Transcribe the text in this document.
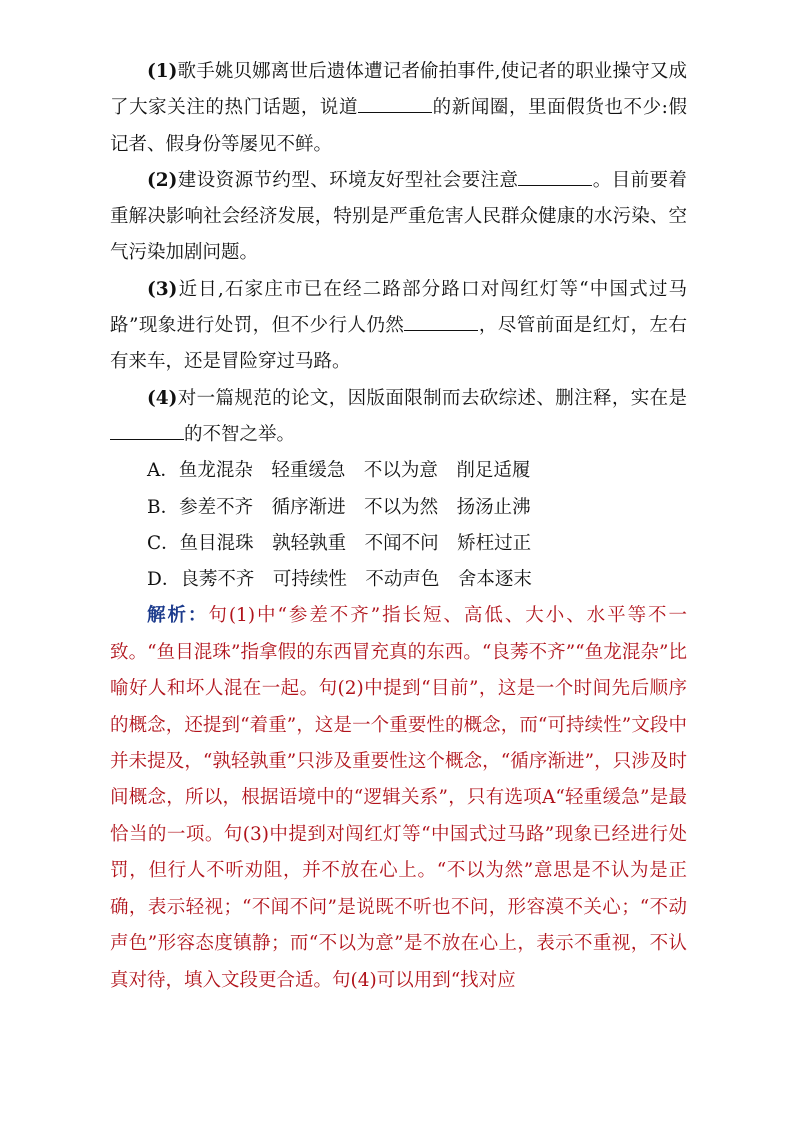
(1)歌手姚贝娜离世后遗体遭记者偷拍事件,使记者的职业操守又成了大家关注的热门话题，说道	的新闻圈，里面假货也不少:假记者、假身份等屡见不鲜。

(2)建设资源节约型、环境友好型社会要注意	。目前要着重解决影响社会经济发展，特别是严重危害人民群众健康的水污染、空气污染加剧问题。

(3)近日,石家庄市已在经二路部分路口对闯红灯等“中国式过马路”现象进行处罚，但不少行人仍然	，尽管前面是红灯，左右有来车，还是冒险穿过马路。

(4)对一篇规范的论文，因版面限制而去砍综述、删注释，实在是的不智之举。

A．鱼龙混杂　轻重缓急　不以为意　削足适履

B．参差不齐　循序渐进　不以为然　扬汤止沸

C．鱼目混珠　孰轻孰重　不闻不问　矫枉过正

D．良莠不齐　可持续性　不动声色　舍本逐末

解析：句(1)中“参差不齐”指长短、高低、大小、水平等不一致。“鱼目混珠”指拿假的东西冒充真的东西。“良莠不齐”“鱼龙混杂”比喻好人和坏人混在一起。句(2)中提到“目前”，这是一个时间先后顺序的概念，还提到“着重”，这是一个重要性的概念，而“可持续性”文段中并未提及，“孰轻孰重”只涉及重要性这个概念，“循序渐进”，只涉及时间概念，所以，根据语境中的“逻辑关系”，只有选项A“轻重缓急”是最恰当的一项。句(3)中提到对闯红灯等“中国式过马路”现象已经进行处罚，但行人不听劝阻，并不放在心上。“不以为然”意思是不认为是正确，表示轻视；“不闻不问”是说既不听也不问，形容漠不关心；“不动声色”形容态度镇静；而“不以为意”是不放在心上，表示不重视，不认真对待，填入文段更合适。句(4)可以用到“找对应
